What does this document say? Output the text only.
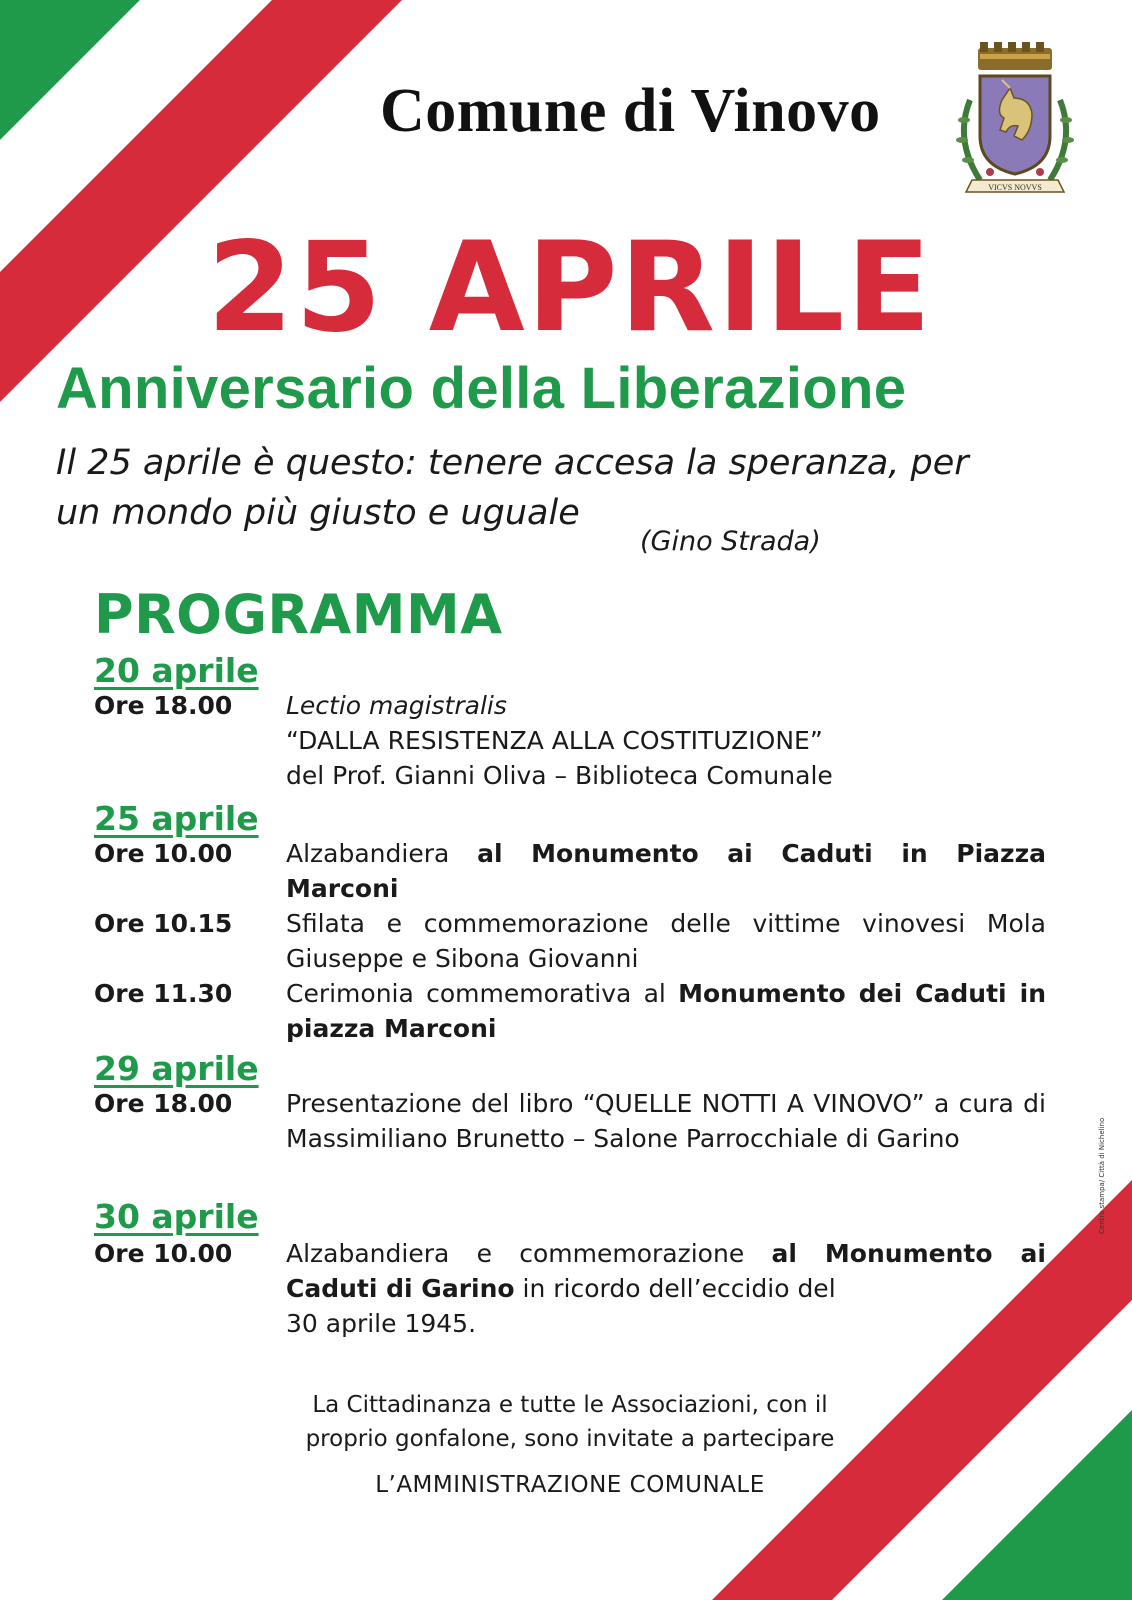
Comune di Vinovo
VICVS NOVVS
25 APRILE
Anniversario della Liberazione
Il 25 aprile è questo: tenere accesa la speranza, per
un mondo più giusto e uguale
(Gino Strada)
PROGRAMMA
20 aprile
Ore 18.00	Lectio magistralis
“DALLA RESISTENZA ALLA COSTITUZIONE”
del Prof. Gianni Oliva – Biblioteca Comunale
25 aprile
Ore 10.00	Alzabandiera al Monumento ai Caduti in Piazza Marconi
Ore 10.15	Sfilata e commemorazione delle vittime vinovesi Mola Giuseppe e Sibona Giovanni
Ore 11.30	Cerimonia commemorativa al Monumento dei Caduti in piazza Marconi
29 aprile
Ore 18.00	Presentazione del libro “QUELLE NOTTI A VINOVO” a cura di Massimiliano Brunetto – Salone Parrocchiale di Garino
30 aprile
Ore 10.00	Alzabandiera e commemorazione al Monumento ai Caduti di Garino in ricordo dell’eccidio del
30 aprile 1945.
La Cittadinanza e tutte le Associazioni, con il
proprio gonfalone, sono invitate a partecipare
L’AMMINISTRAZIONE COMUNALE
Centro stampa/ Città di Nichelino
